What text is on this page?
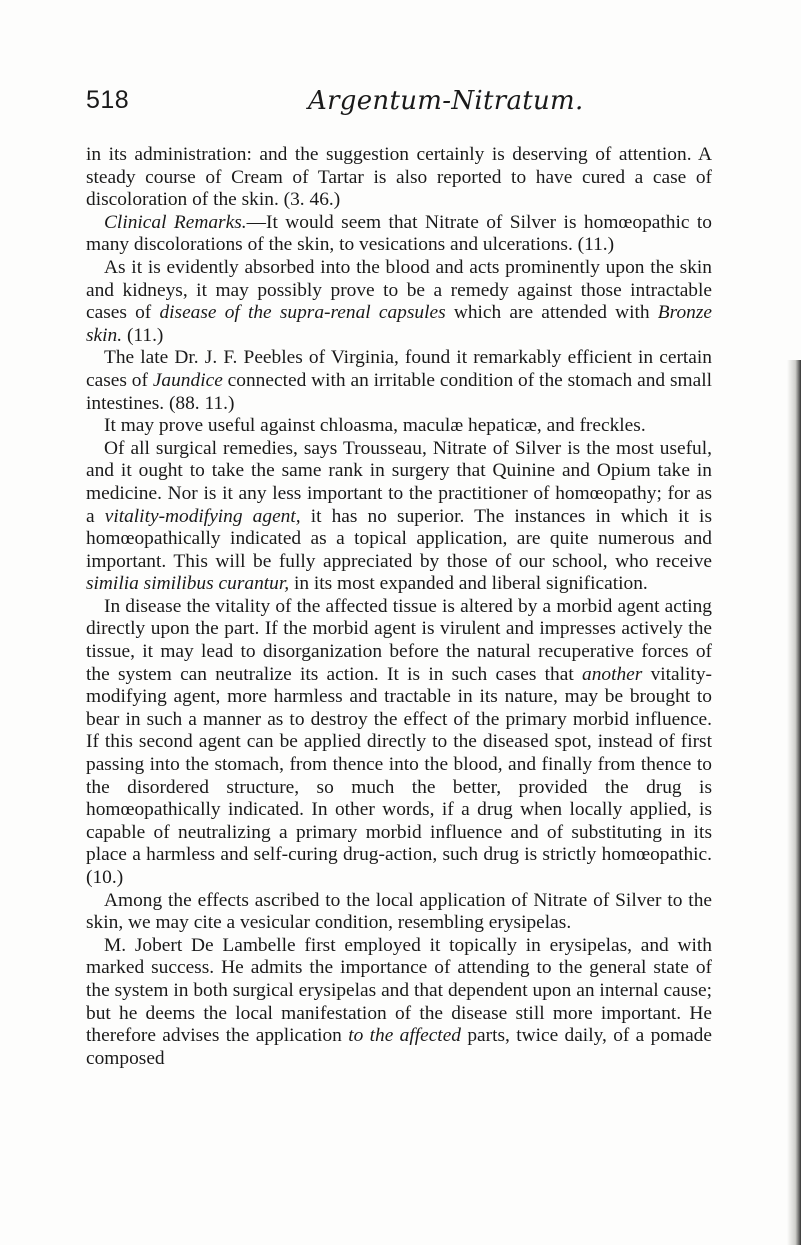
518	Argentum-Nitratum.

in its administration: and the suggestion certainly is deserving of attention. A steady course of Cream of Tartar is also reported to have cured a case of discoloration of the skin. (3. 46.)

Clinical Remarks.—It would seem that Nitrate of Silver is homœopathic to many discolorations of the skin, to vesications and ulcerations. (11.)

As it is evidently absorbed into the blood and acts prominently upon the skin and kidneys, it may possibly prove to be a remedy against those intractable cases of disease of the supra-renal capsules which are attended with Bronze skin. (11.)

The late Dr. J. F. Peebles of Virginia, found it remarkably efficient in certain cases of Jaundice connected with an irritable condition of the stomach and small intestines. (88. 11.)

It may prove useful against chloasma, maculæ hepaticæ, and freckles.

Of all surgical remedies, says Trousseau, Nitrate of Silver is the most useful, and it ought to take the same rank in surgery that Quinine and Opium take in medicine. Nor is it any less important to the practitioner of homœopathy; for as a vitality-modifying agent, it has no superior. The instances in which it is homœopathically indicated as a topical application, are quite numerous and important. This will be fully appreciated by those of our school, who receive similia similibus curantur, in its most expanded and liberal signification.

In disease the vitality of the affected tissue is altered by a morbid agent acting directly upon the part. If the morbid agent is virulent and impresses actively the tissue, it may lead to disorganization before the natural recuperative forces of the system can neutralize its action. It is in such cases that another vitality-modifying agent, more harmless and tractable in its nature, may be brought to bear in such a manner as to destroy the effect of the primary morbid influence. If this second agent can be applied directly to the diseased spot, instead of first passing into the stomach, from thence into the blood, and finally from thence to the disordered structure, so much the better, provided the drug is homœopathically indicated. In other words, if a drug when locally applied, is capable of neutralizing a primary morbid influence and of substituting in its place a harmless and self-curing drug-action, such drug is strictly homœopathic. (10.)

Among the effects ascribed to the local application of Nitrate of Silver to the skin, we may cite a vesicular condition, resembling erysipelas.

M. Jobert De Lambelle first employed it topically in erysipelas, and with marked success. He admits the importance of attending to the general state of the system in both surgical erysipelas and that dependent upon an internal cause; but he deems the local manifestation of the disease still more important. He therefore advises the application to the affected parts, twice daily, of a pomade composed
